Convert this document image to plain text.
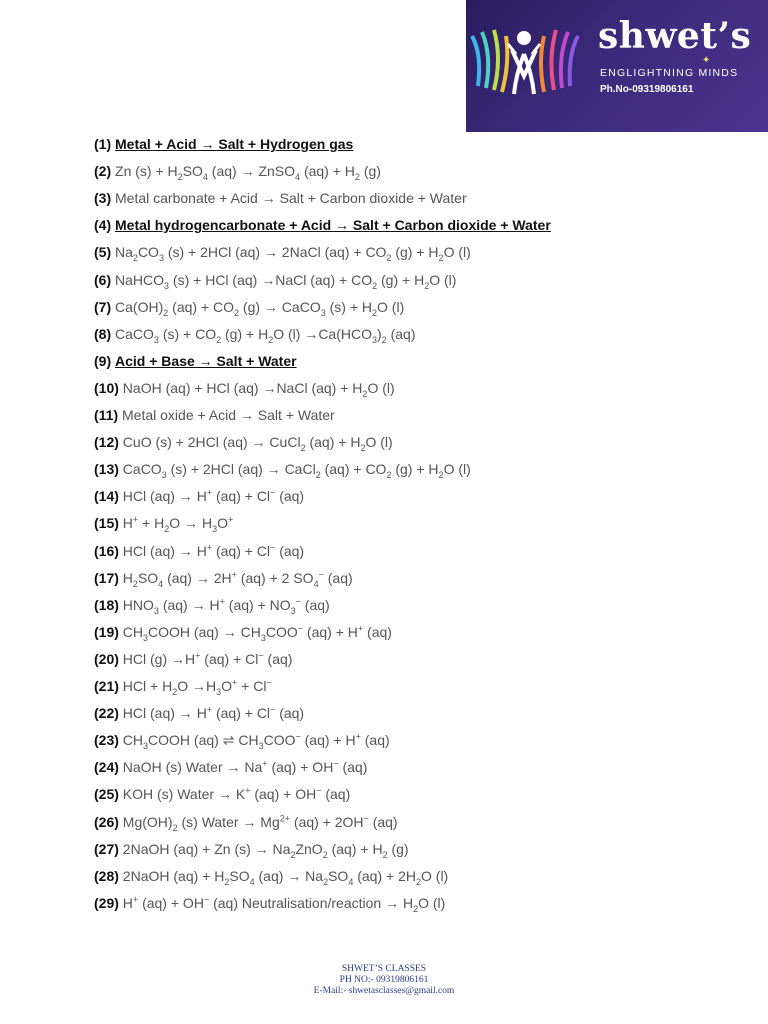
shwet’s
ENGLIGHTNING MINDS
✦
Ph.No-09319806161
(1) Metal + Acid → Salt + Hydrogen gas
(2) Zn $(s) + H_2SO_4$ (aq) → ZnSO$_4$ $(aq) + H_2$ (g)
(3) Metal carbonate + Acid → Salt + Carbon dioxide + Water
(4) Metal hydrogencarbonate + Acid → Salt + Carbon dioxide + Water
(5) $Na_2CO_3$ (s) + 2HCl (aq) → 2NaCl $(aq) + CO_2$ $(g) + H_2O$ (l)
(6) NaHCO$_3$ (s) + HCl (aq) →NaCl $(aq) + CO_2$ $(g) + H_2O$ (l)
(7) $Ca(OH)_2$ $(aq) + CO_2$ (g) → CaCO$_3$ $(s) + H_2O$ (l)
(8) CaCO$_3$ $(s) + CO_2$ $(g) + H_2O$ $(l) \to Ca(HCO_3)_2$ (aq)
(9) Acid + Base → Salt + Water
(10) NaOH (aq) + HCl (aq) →NaCl $(aq) + H_2O$ (l)
(11) Metal oxide + Acid → Salt + Water
(12) CuO (s) + 2HCl (aq) → CuCl$_2$ $(aq) + H_2O$ (l)
(13) CaCO$_3$ (s) + 2HCl (aq) → CaCl$_2$ $(aq) + CO_2$ $(g) + H_2O$ (l)
(14) HCl (aq) → H+ (aq) + Cl− (aq)
(15) $H^+ + H_2O \to H_3O^+$
(16) HCl (aq) → H+ (aq) + Cl− (aq)
(17) $H_2SO_4$ (aq) → 2H+ (aq) + 2 $SO_4^-$ (aq)
(18) $HNO_3$ (aq) → H+ $(aq) + NO_3^-$ (aq)
(19) $CH_3COOH$ $(aq) \to CH_3COO^-$ (aq) + H+ (aq)
(20) HCl (g) →H+ (aq) + Cl− (aq)
(21) HCl + $H_2O \to H_3O^+ + Cl^-$
(22) HCl (aq) → H+ (aq) + Cl− (aq)
(23) $CH_3COOH$ (aq) ⇌ $CH_3COO^-$ (aq) + H+ (aq)
(24) NaOH (s) Water → Na+ (aq) + OH− (aq)
(25) KOH (s) Water → K+ (aq) + OH− (aq)
(26) $Mg(OH)_2$ (s) Water → $Mg^{2+}$ (aq) + 2OH− (aq)
(27) 2NaOH (aq) + Zn $(s) \to Na_2ZnO_2$ $(aq) + H_2$ (g)
(28) 2NaOH $(aq) + H_2SO_4$ $(aq) \to Na_2SO_4$ $(aq) + 2H_2O$ (l)
(29) H+ (aq) + OH− (aq) Neutralisation/reaction → $H_2O$ (l)
SHWET’S CLASSES
PH NO:- 09319806161
E-Mail:- shwetasclasses@gmail.com
